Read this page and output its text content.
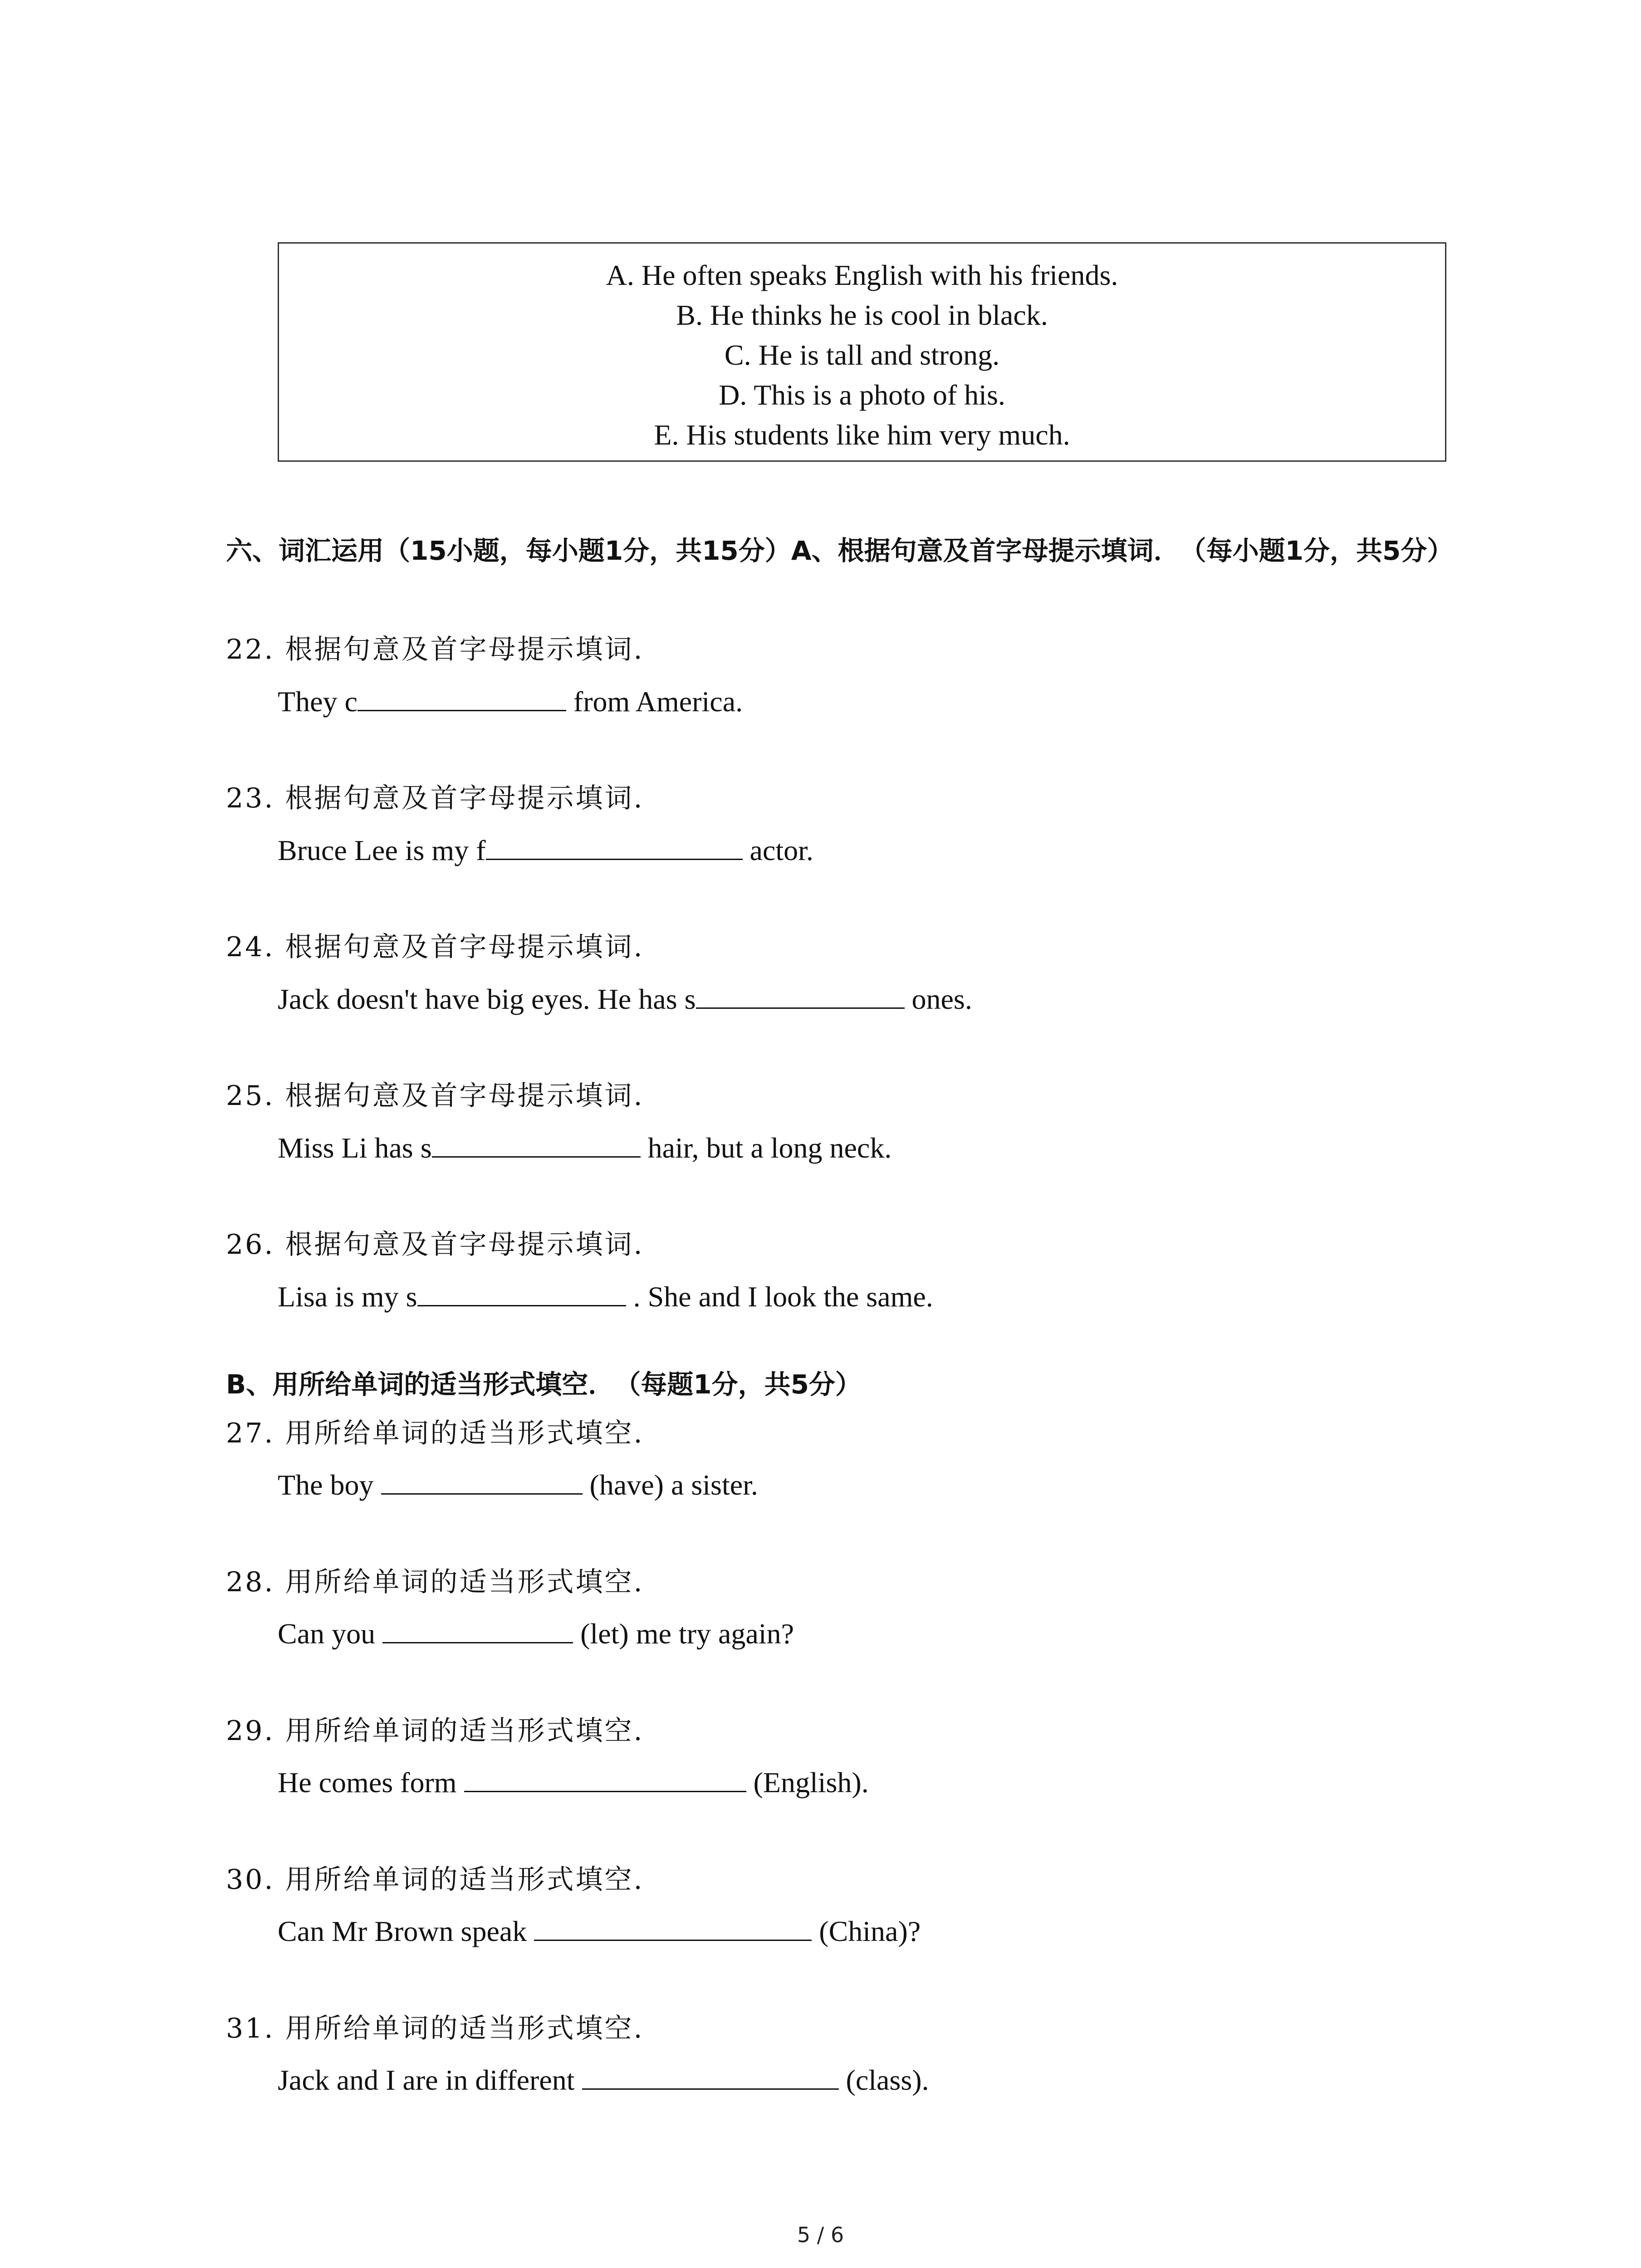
A. He often speaks English with his friends.
B. He thinks he is cool in black.
C. He is tall and strong.
D. This is a photo of his.
E. His students like him very much.
六、词汇运用（15小题，每小题1分，共15分）A、根据句意及首字母提示填词．　（每小题1分，共5分）
22. 根据句意及首字母提示填词.
They c	from America.
23. 根据句意及首字母提示填词.
Bruce Lee is my f	actor.
24. 根据句意及首字母提示填词.
Jack doesn't have big eyes. He has s	ones.
25. 根据句意及首字母提示填词.
Miss Li has s	hair, but a long neck.
26. 根据句意及首字母提示填词.
Lisa is my s	. She and I look the same.
B、用所给单词的适当形式填空．　（每题1分，共5分）
27. 用所给单词的适当形式填空.
The boy	(have) a sister.
28. 用所给单词的适当形式填空.
Can you	(let) me try again?
29. 用所给单词的适当形式填空.
He comes form	(English).
30. 用所给单词的适当形式填空.
Can Mr Brown speak	(China)?
31. 用所给单词的适当形式填空.
Jack and I are in different	(class).
5 / 6
